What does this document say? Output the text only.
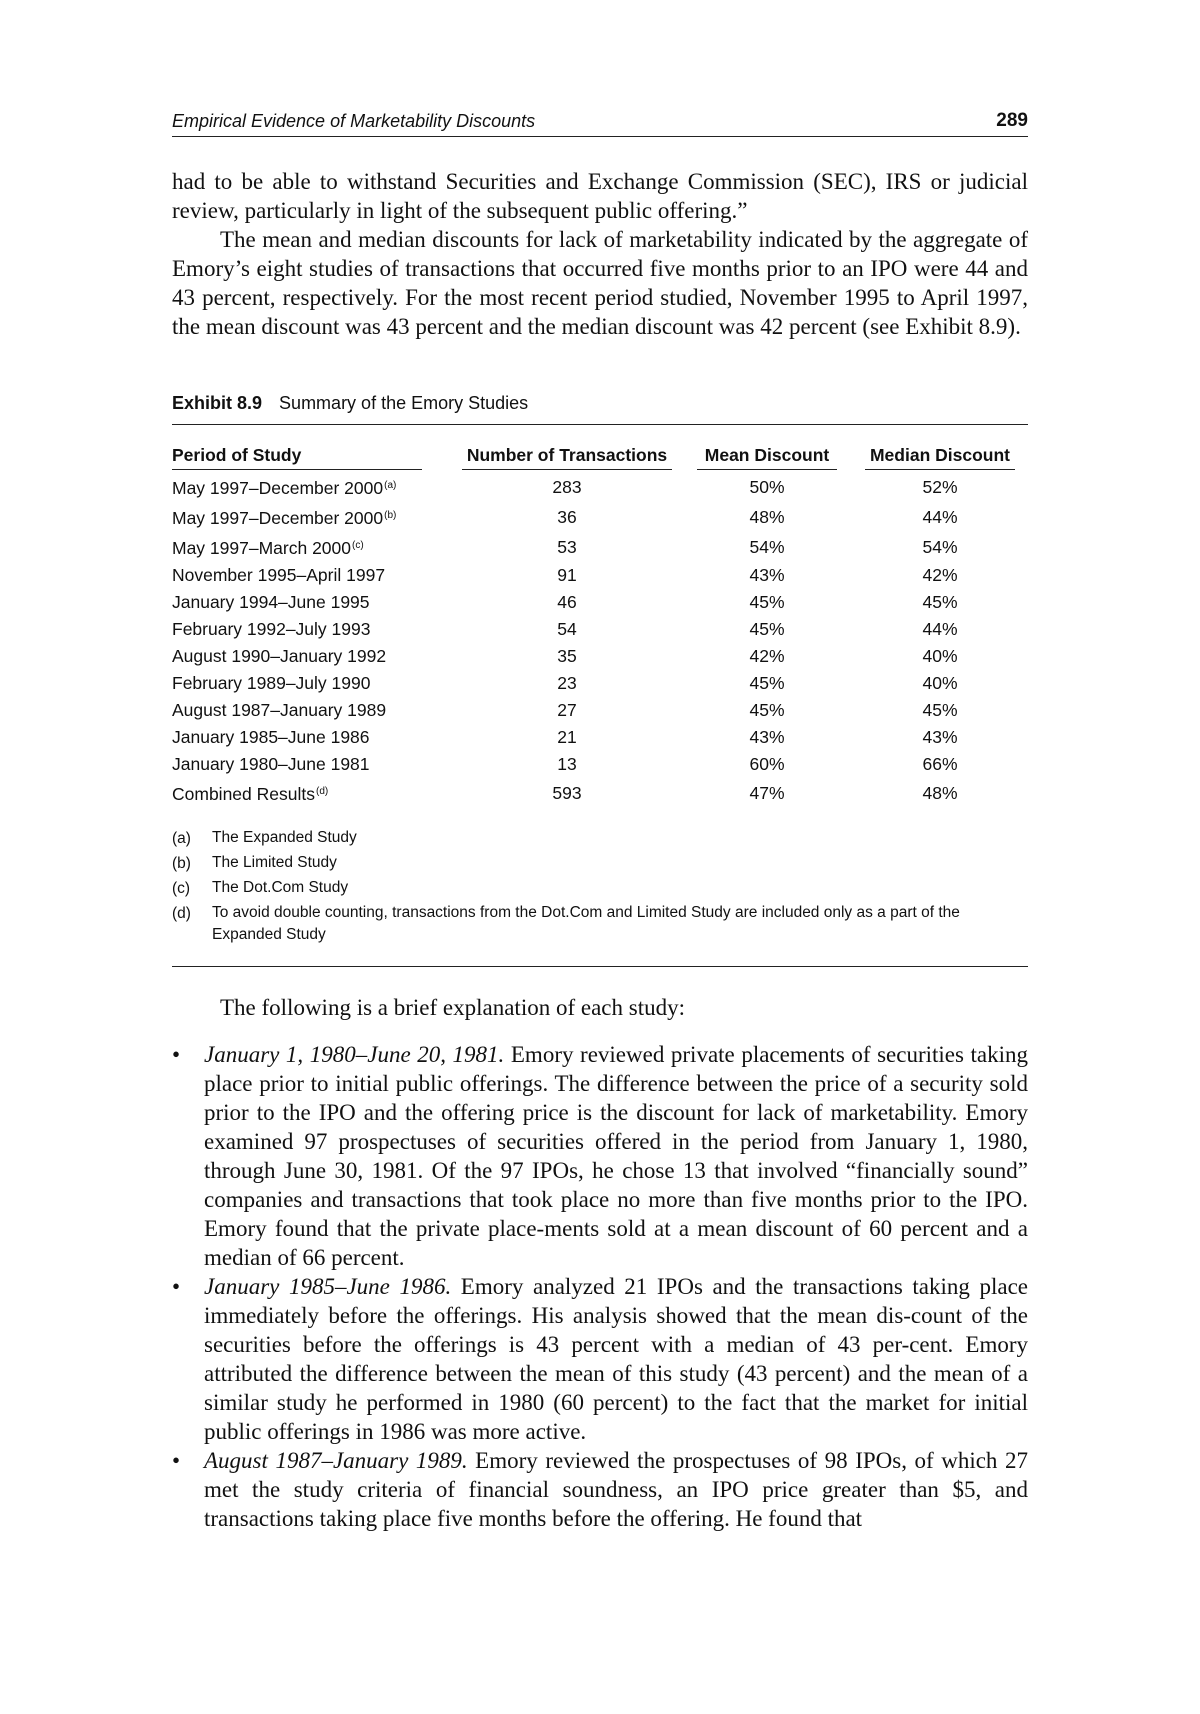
Empirical Evidence of Marketability Discounts	289

had to be able to withstand Securities and Exchange Commission (SEC), IRS or judicial review, particularly in light of the subsequent public offering.”

The mean and median discounts for lack of marketability indicated by the aggregate of Emory’s eight studies of transactions that occurred five months prior to an IPO were 44 and 43 percent, respectively. For the most recent period studied, November 1995 to April 1997, the mean discount was 43 percent and the median discount was 42 percent (see Exhibit 8.9).

Exhibit 8.9 Summary of the Emory Studies
Period of Study	Number of Transactions	Mean Discount	Median Discount
May 1997–December 2000$^{(a)}$	283	50%	52%
May 1997–December 2000$^{(b)}$	36	48%	44%
May 1997–March 2000$^{(c)}$	53	54%	54%
November 1995–April 1997	91	43%	42%
January 1994–June 1995	46	45%	45%
February 1992–July 1993	54	45%	44%
August 1990–January 1992	35	42%	40%
February 1989–July 1990	23	45%	40%
August 1987–January 1989	27	45%	45%
January 1985–June 1986	21	43%	43%
January 1980–June 1981	13	60%	66%
Combined Results$^{(d)}$	593	47%	48%
(a)	The Expanded Study
(b)	The Limited Study
(c)	The Dot.Com Study
(d)	To avoid double counting, transactions from the Dot.Com and Limited Study are included only as a part of the Expanded Study

The following is a brief explanation of each study:

• January 1, 1980–June 20, 1981. Emory reviewed private placements of securities taking place prior to initial public offerings. The difference between the price of a security sold prior to the IPO and the offering price is the discount for lack of marketability. Emory examined 97 prospectuses of securities offered in the period from January 1, 1980, through June 30, 1981. Of the 97 IPOs, he chose 13 that involved “financially sound” companies and transactions that took place no more than five months prior to the IPO. Emory found that the private place-ments sold at a mean discount of 60 percent and a median of 66 percent.
• January 1985–June 1986. Emory analyzed 21 IPOs and the transactions taking place immediately before the offerings. His analysis showed that the mean dis-count of the securities before the offerings is 43 percent with a median of 43 per-cent. Emory attributed the difference between the mean of this study (43 percent) and the mean of a similar study he performed in 1980 (60 percent) to the fact that the market for initial public offerings in 1986 was more active.
• August 1987–January 1989. Emory reviewed the prospectuses of 98 IPOs, of which 27 met the study criteria of financial soundness, an IPO price greater than $5, and transactions taking place five months before the offering. He found that
